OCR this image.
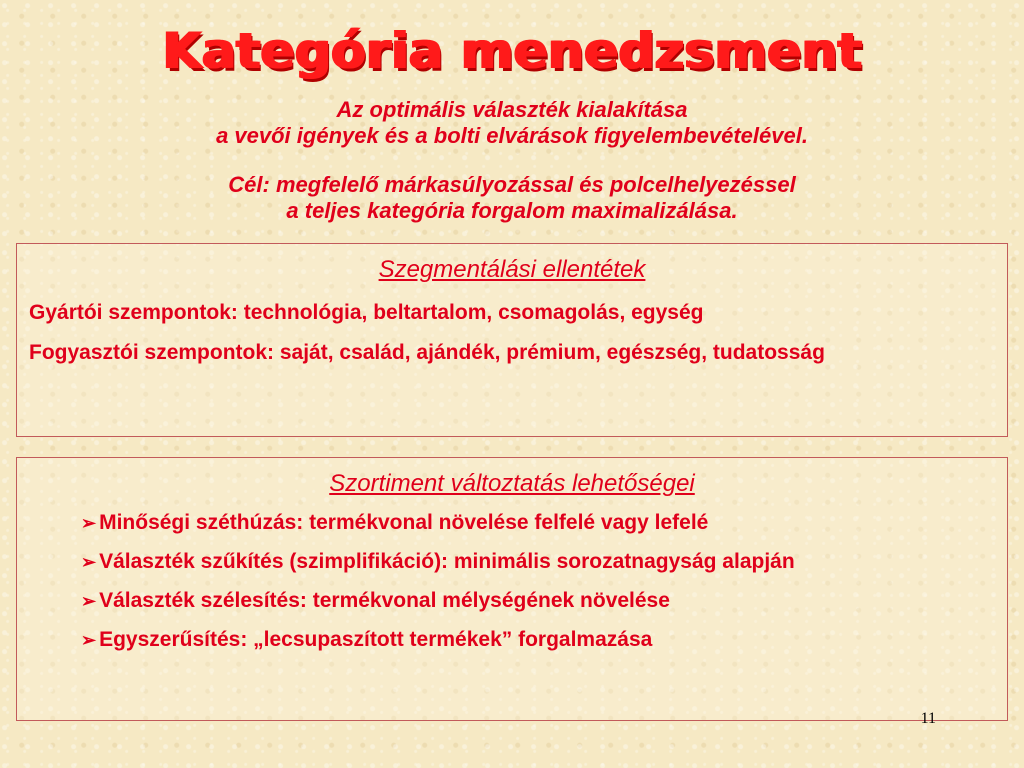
Kategória menedzsment
Az optimális választék kialakítása
a vevői igények és a bolti elvárások figyelembevételével.
Cél: megfelelő márkasúlyozással és polcelhelyezéssel
a teljes kategória forgalom maximalizálása.
Szegmentálási ellentétek
Gyártói szempontok: technológia, beltartalom, csomagolás, egység
Fogyasztói szempontok: saját, család, ajándék, prémium, egészség, tudatosság
Szortiment változtatás lehetőségei
➢ Minőségi széthúzás: termékvonal növelése felfelé vagy lefelé
➢ Választék szűkítés (szimplifikáció): minimális sorozatnagyság alapján
➢ Választék szélesítés: termékvonal mélységének növelése
➢ Egyszerűsítés: „lecsupaszított termékek” forgalmazása
11
